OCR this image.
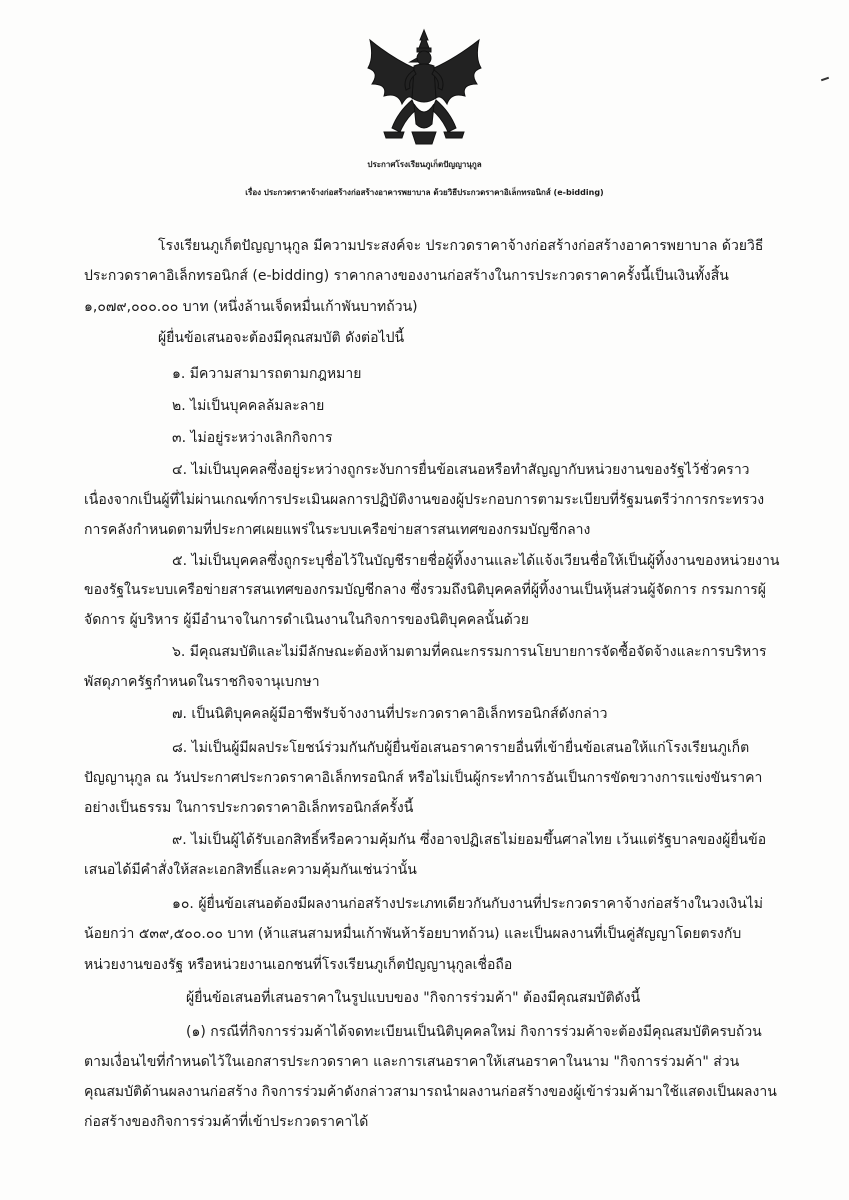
ประกาศโรงเรียนภูเก็ตปัญญานุกูล
เรื่อง ประกวดราคาจ้างก่อสร้างก่อสร้างอาคารพยาบาล ด้วยวิธีประกวดราคาอิเล็กทรอนิกส์ (e-bidding)
โรงเรียนภูเก็ตปัญญานุกูล มีความประสงค์จะ ประกวดราคาจ้างก่อสร้างก่อสร้างอาคารพยาบาล ด้วยวิธี
ประกวดราคาอิเล็กทรอนิกส์ (e-bidding) ราคากลางของงานก่อสร้างในการประกวดราคาครั้งนี้เป็นเงินทั้งสิ้น
๑,๐๗๙,๐๐๐.๐๐ บาท (หนึ่งล้านเจ็ดหมื่นเก้าพันบาทถ้วน)
ผู้ยื่นข้อเสนอจะต้องมีคุณสมบัติ ดังต่อไปนี้
๑. มีความสามารถตามกฎหมาย
๒. ไม่เป็นบุคคลล้มละลาย
๓. ไม่อยู่ระหว่างเลิกกิจการ
๔. ไม่เป็นบุคคลซึ่งอยู่ระหว่างถูกระงับการยื่นข้อเสนอหรือทำสัญญากับหน่วยงานของรัฐไว้ชั่วคราว
เนื่องจากเป็นผู้ที่ไม่ผ่านเกณฑ์การประเมินผลการปฏิบัติงานของผู้ประกอบการตามระเบียบที่รัฐมนตรีว่าการกระทรวง
การคลังกำหนดตามที่ประกาศเผยแพร่ในระบบเครือข่ายสารสนเทศของกรมบัญชีกลาง
๕. ไม่เป็นบุคคลซึ่งถูกระบุชื่อไว้ในบัญชีรายชื่อผู้ทิ้งงานและได้แจ้งเวียนชื่อให้เป็นผู้ทิ้งงานของหน่วยงาน
ของรัฐในระบบเครือข่ายสารสนเทศของกรมบัญชีกลาง ซึ่งรวมถึงนิติบุคคลที่ผู้ทิ้งงานเป็นหุ้นส่วนผู้จัดการ กรรมการผู้
จัดการ ผู้บริหาร ผู้มีอำนาจในการดำเนินงานในกิจการของนิติบุคคลนั้นด้วย
๖. มีคุณสมบัติและไม่มีลักษณะต้องห้ามตามที่คณะกรรมการนโยบายการจัดซื้อจัดจ้างและการบริหาร
พัสดุภาครัฐกำหนดในราชกิจจานุเบกษา
๗. เป็นนิติบุคคลผู้มีอาชีพรับจ้างงานที่ประกวดราคาอิเล็กทรอนิกส์ดังกล่าว
๘. ไม่เป็นผู้มีผลประโยชน์ร่วมกันกับผู้ยื่นข้อเสนอราคารายอื่นที่เข้ายื่นข้อเสนอให้แก่โรงเรียนภูเก็ต
ปัญญานุกูล ณ วันประกาศประกวดราคาอิเล็กทรอนิกส์ หรือไม่เป็นผู้กระทำการอันเป็นการขัดขวางการแข่งขันราคา
อย่างเป็นธรรม ในการประกวดราคาอิเล็กทรอนิกส์ครั้งนี้
๙. ไม่เป็นผู้ได้รับเอกสิทธิ์หรือความคุ้มกัน ซึ่งอาจปฏิเสธไม่ยอมขึ้นศาลไทย เว้นแต่รัฐบาลของผู้ยื่นข้อ
เสนอได้มีคำสั่งให้สละเอกสิทธิ์และความคุ้มกันเช่นว่านั้น
๑๐. ผู้ยื่นข้อเสนอต้องมีผลงานก่อสร้างประเภทเดียวกันกับงานที่ประกวดราคาจ้างก่อสร้างในวงเงินไม่
น้อยกว่า ๕๓๙,๕๐๐.๐๐ บาท (ห้าแสนสามหมื่นเก้าพันห้าร้อยบาทถ้วน) และเป็นผลงานที่เป็นคู่สัญญาโดยตรงกับ
หน่วยงานของรัฐ หรือหน่วยงานเอกชนที่โรงเรียนภูเก็ตปัญญานุกูลเชื่อถือ
ผู้ยื่นข้อเสนอที่เสนอราคาในรูปแบบของ "กิจการร่วมค้า" ต้องมีคุณสมบัติดังนี้
(๑) กรณีที่กิจการร่วมค้าได้จดทะเบียนเป็นนิติบุคคลใหม่ กิจการร่วมค้าจะต้องมีคุณสมบัติครบถ้วน
ตามเงื่อนไขที่กำหนดไว้ในเอกสารประกวดราคา และการเสนอราคาให้เสนอราคาในนาม "กิจการร่วมค้า" ส่วน
คุณสมบัติด้านผลงานก่อสร้าง กิจการร่วมค้าดังกล่าวสามารถนำผลงานก่อสร้างของผู้เข้าร่วมค้ามาใช้แสดงเป็นผลงาน
ก่อสร้างของกิจการร่วมค้าที่เข้าประกวดราคาได้
